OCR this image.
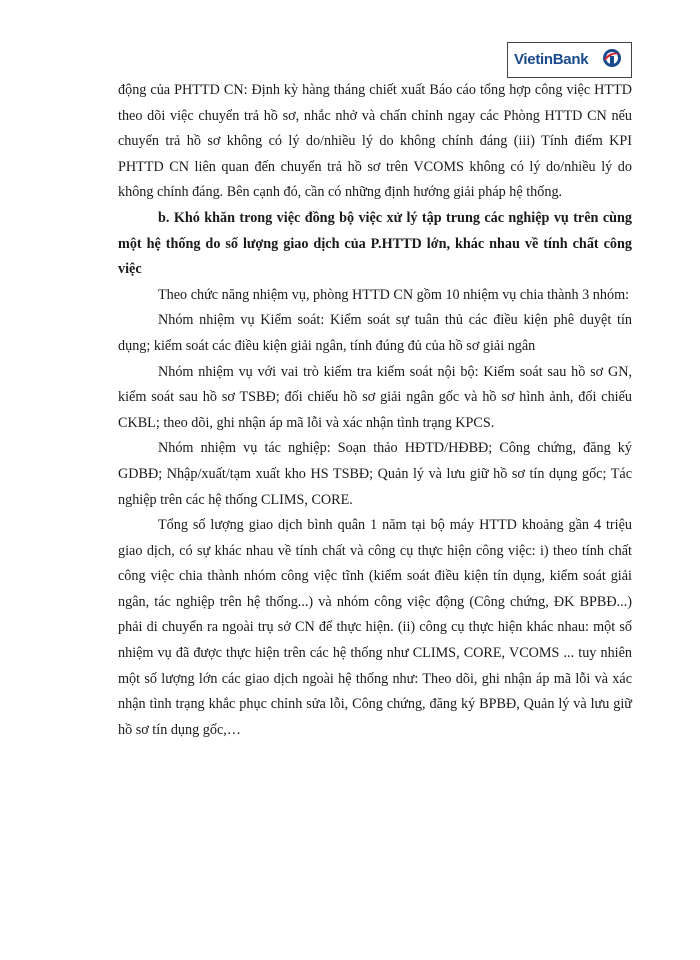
VietinBank

động của PHTTD CN: Định kỳ hàng tháng chiết xuất Báo cáo tổng hợp công việc HTTD theo dõi việc chuyển trả hồ sơ, nhắc nhở và chấn chỉnh ngay các Phòng HTTD CN nếu chuyển trả hồ sơ không có lý do/nhiều lý do không chính đáng (iii) Tính điểm KPI PHTTD CN liên quan đến chuyển trả hồ sơ trên VCOMS không có lý do/nhiều lý do không chính đáng. Bên cạnh đó, cần có những định hướng giải pháp hệ thống.

b. Khó khăn trong việc đồng bộ việc xử lý tập trung các nghiệp vụ trên cùng một hệ thống do số lượng giao dịch của P.HTTD lớn, khác nhau về tính chất công việc

Theo chức năng nhiệm vụ, phòng HTTD CN gồm 10 nhiệm vụ chia thành 3 nhóm:

Nhóm nhiệm vụ Kiểm soát: Kiểm soát sự tuân thủ các điều kiện phê duyệt tín dụng; kiểm soát các điều kiện giải ngân, tính đúng đủ của hồ sơ giải ngân

Nhóm nhiệm vụ với vai trò kiểm tra kiểm soát nội bộ: Kiểm soát sau hồ sơ GN, kiểm soát sau hồ sơ TSBĐ; đối chiếu hồ sơ giải ngân gốc và hồ sơ hình ảnh, đối chiếu CKBL; theo dõi, ghi nhận áp mã lỗi và xác nhận tình trạng KPCS.

Nhóm nhiệm vụ tác nghiệp: Soạn thảo HĐTD/HĐBĐ; Công chứng, đăng ký GDBĐ; Nhập/xuất/tạm xuất kho HS TSBĐ; Quản lý và lưu giữ hồ sơ tín dụng gốc; Tác nghiệp trên các hệ thống CLIMS, CORE.

Tổng số lượng giao dịch bình quân 1 năm tại bộ máy HTTD khoảng gần 4 triệu giao dịch, có sự khác nhau về tính chất và công cụ thực hiện công việc: i) theo tính chất công việc chia thành nhóm công việc tĩnh (kiểm soát điều kiện tín dụng, kiểm soát giải ngân, tác nghiệp trên hệ thống...) và nhóm công việc động (Công chứng, ĐK BPBĐ...) phải di chuyển ra ngoài trụ sở CN để thực hiện. (ii) công cụ thực hiện khác nhau: một số nhiệm vụ đã được thực hiện trên các hệ thống như CLIMS, CORE, VCOMS ... tuy nhiên một số lượng lớn các giao dịch ngoài hệ thống như: Theo dõi, ghi nhận áp mã lỗi và xác nhận tình trạng khắc phục chỉnh sửa lỗi, Công chứng, đăng ký BPBĐ, Quản lý và lưu giữ hồ sơ tín dụng gốc,…
